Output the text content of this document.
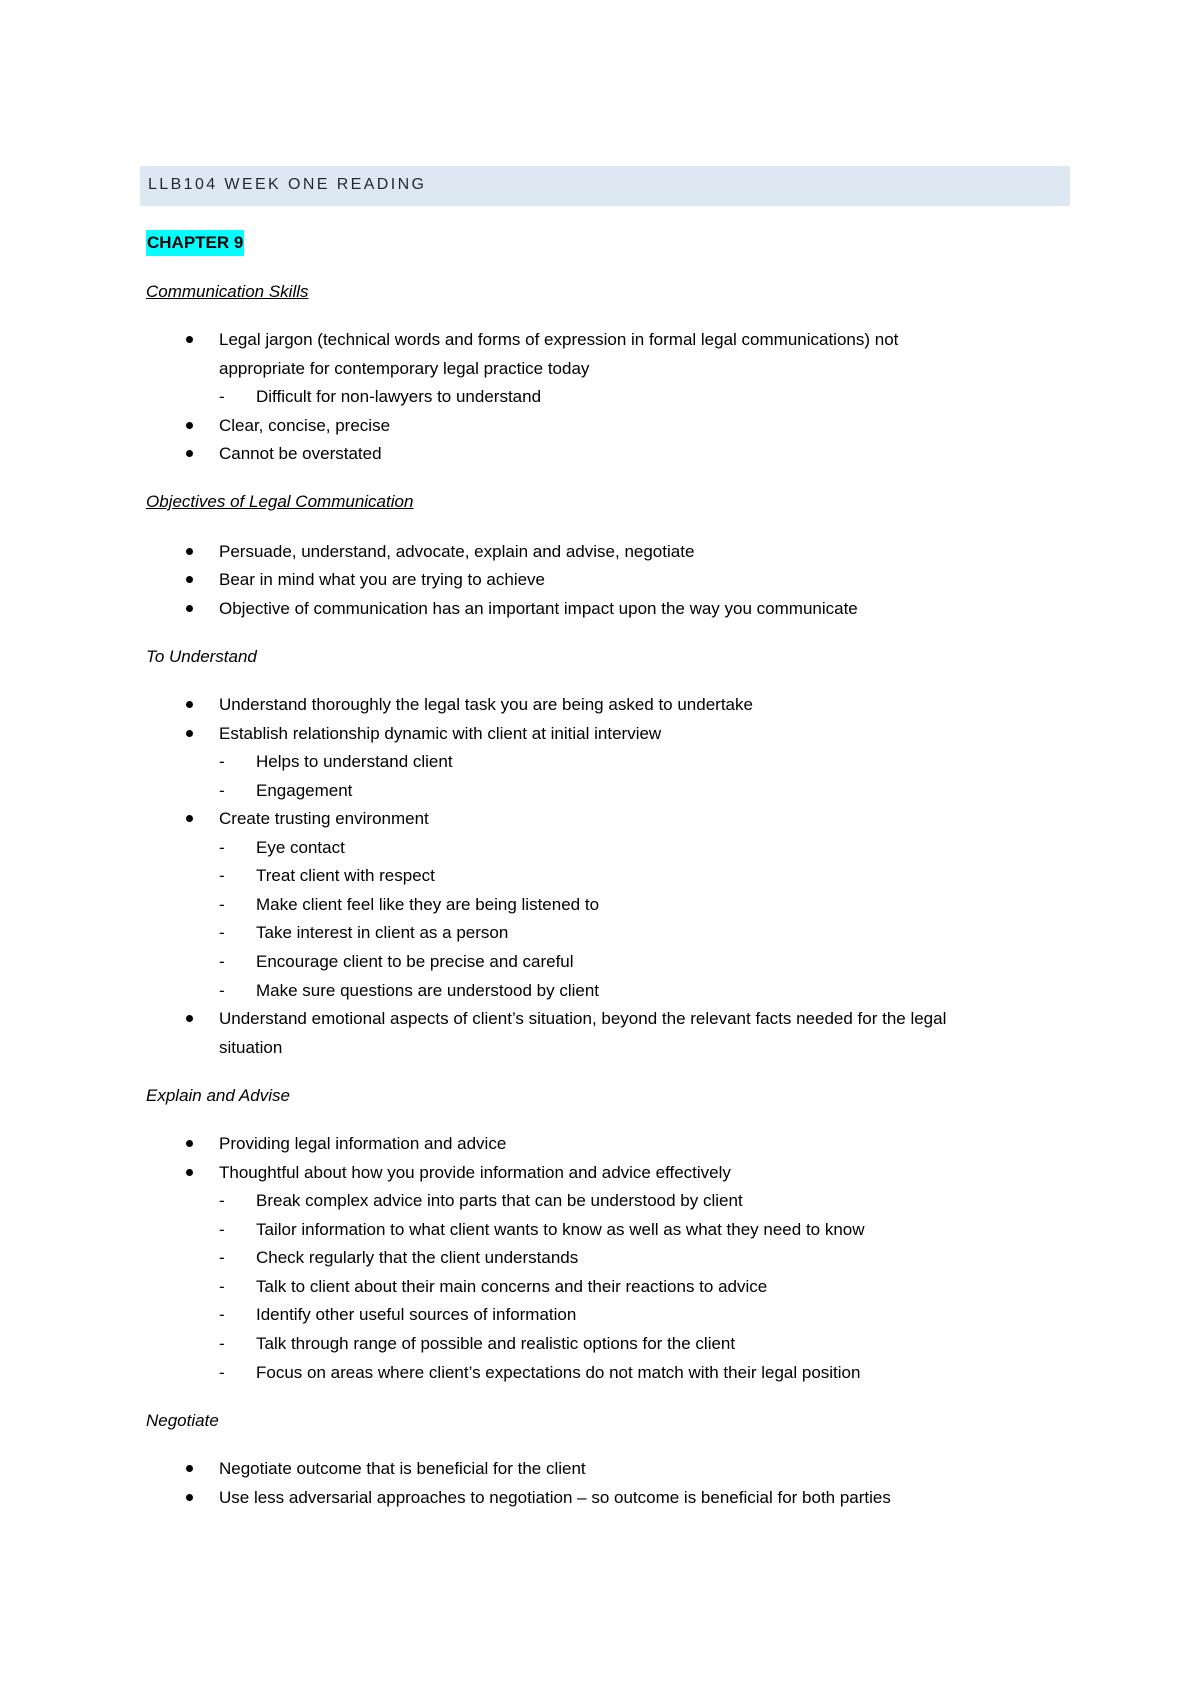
LLB104 WEEK ONE READING
CHAPTER 9
Communication Skills
Legal jargon (technical words and forms of expression in formal legal communications) not
appropriate for contemporary legal practice today
- Difficult for non-lawyers to understand
Clear, concise, precise
Cannot be overstated
Objectives of Legal Communication
Persuade, understand, advocate, explain and advise, negotiate
Bear in mind what you are trying to achieve
Objective of communication has an important impact upon the way you communicate
To Understand
Understand thoroughly the legal task you are being asked to undertake
Establish relationship dynamic with client at initial interview
- Helps to understand client
- Engagement
Create trusting environment
- Eye contact
- Treat client with respect
- Make client feel like they are being listened to
- Take interest in client as a person
- Encourage client to be precise and careful
- Make sure questions are understood by client
Understand emotional aspects of client’s situation, beyond the relevant facts needed for the legal
situation
Explain and Advise
Providing legal information and advice
Thoughtful about how you provide information and advice effectively
- Break complex advice into parts that can be understood by client
- Tailor information to what client wants to know as well as what they need to know
- Check regularly that the client understands
- Talk to client about their main concerns and their reactions to advice
- Identify other useful sources of information
- Talk through range of possible and realistic options for the client
- Focus on areas where client’s expectations do not match with their legal position
Negotiate
Negotiate outcome that is beneficial for the client
Use less adversarial approaches to negotiation – so outcome is beneficial for both parties
